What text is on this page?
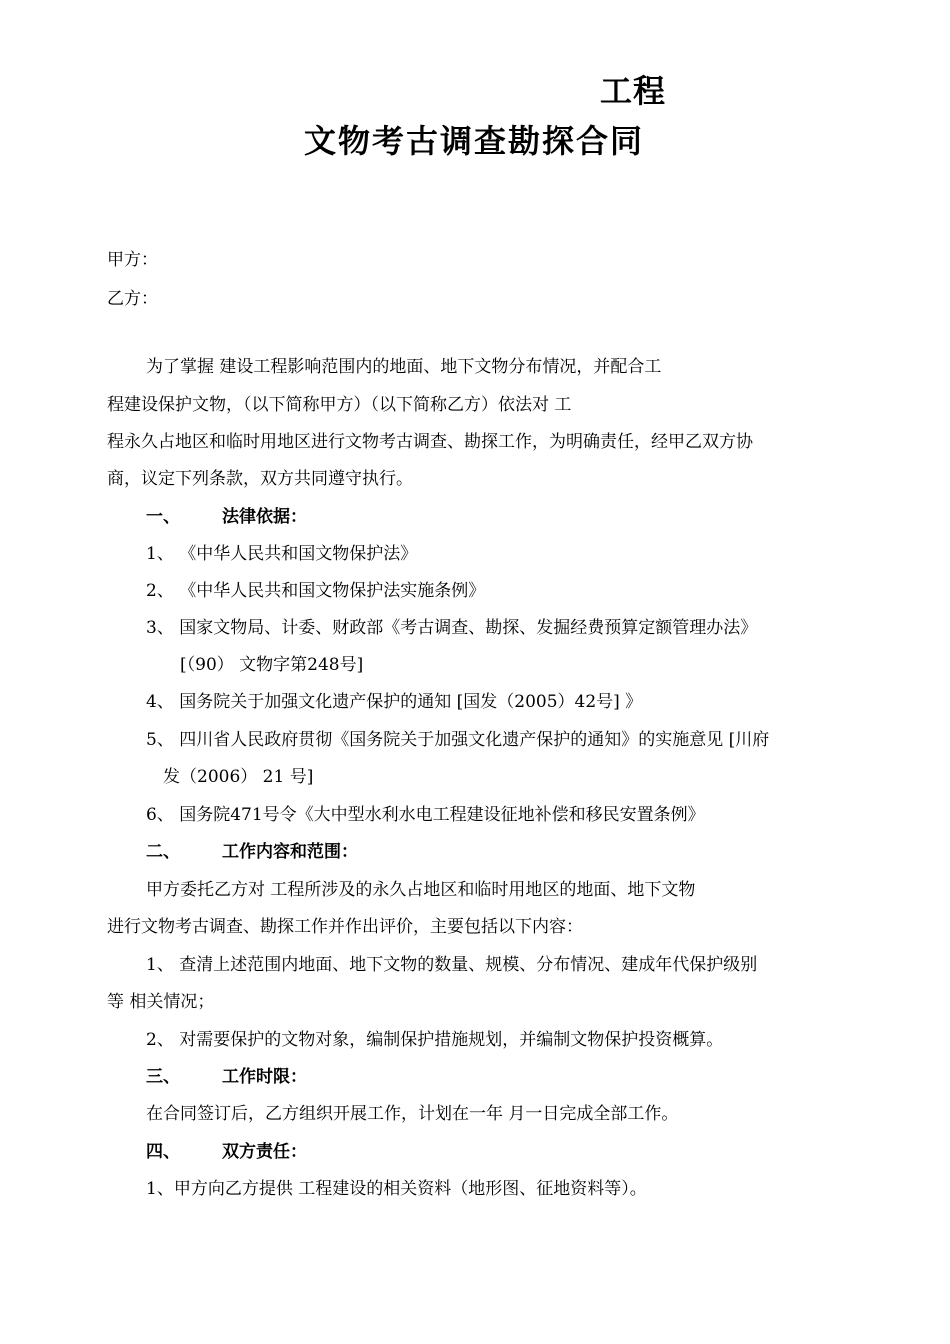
工程
文物考古调查勘探合同
甲方：
乙方：
为了掌握 建设工程影响范围内的地面、地下文物分布情况，并配合工
程建设保护文物，（以下简称甲方）（以下简称乙方）依法对 工
程永久占地区和临时用地区进行文物考古调查、勘探工作，为明确责任，经甲乙双方协
商，议定下列条款，双方共同遵守执行。
一、 法律依据：
1、 《中华人民共和国文物保护法》
2、 《中华人民共和国文物保护法实施条例》
3、 国家文物局、计委、财政部《考古调查、勘探、发掘经费预算定额管理办法》
[（90） 文物字第248号]
4、 国务院关于加强文化遗产保护的通知 [国发（2005）42号] 》
5、 四川省人民政府贯彻《国务院关于加强文化遗产保护的通知》的实施意见 [川府
发（2006） 21 号]
6、 国务院471号令《大中型水利水电工程建设征地补偿和移民安置条例》
二、 工作内容和范围：
甲方委托乙方对 工程所涉及的永久占地区和临时用地区的地面、地下文物
进行文物考古调查、勘探工作并作出评价，主要包括以下内容：
1、 查清上述范围内地面、地下文物的数量、规模、分布情况、建成年代保护级别
等 相关情况；
2、 对需要保护的文物对象，编制保护措施规划，并编制文物保护投资概算。
三、 工作时限：
在合同签订后，乙方组织开展工作，计划在一年 月一日完成全部工作。
四、 双方责任：
1、甲方向乙方提供 工程建设的相关资料（地形图、征地资料等）。
